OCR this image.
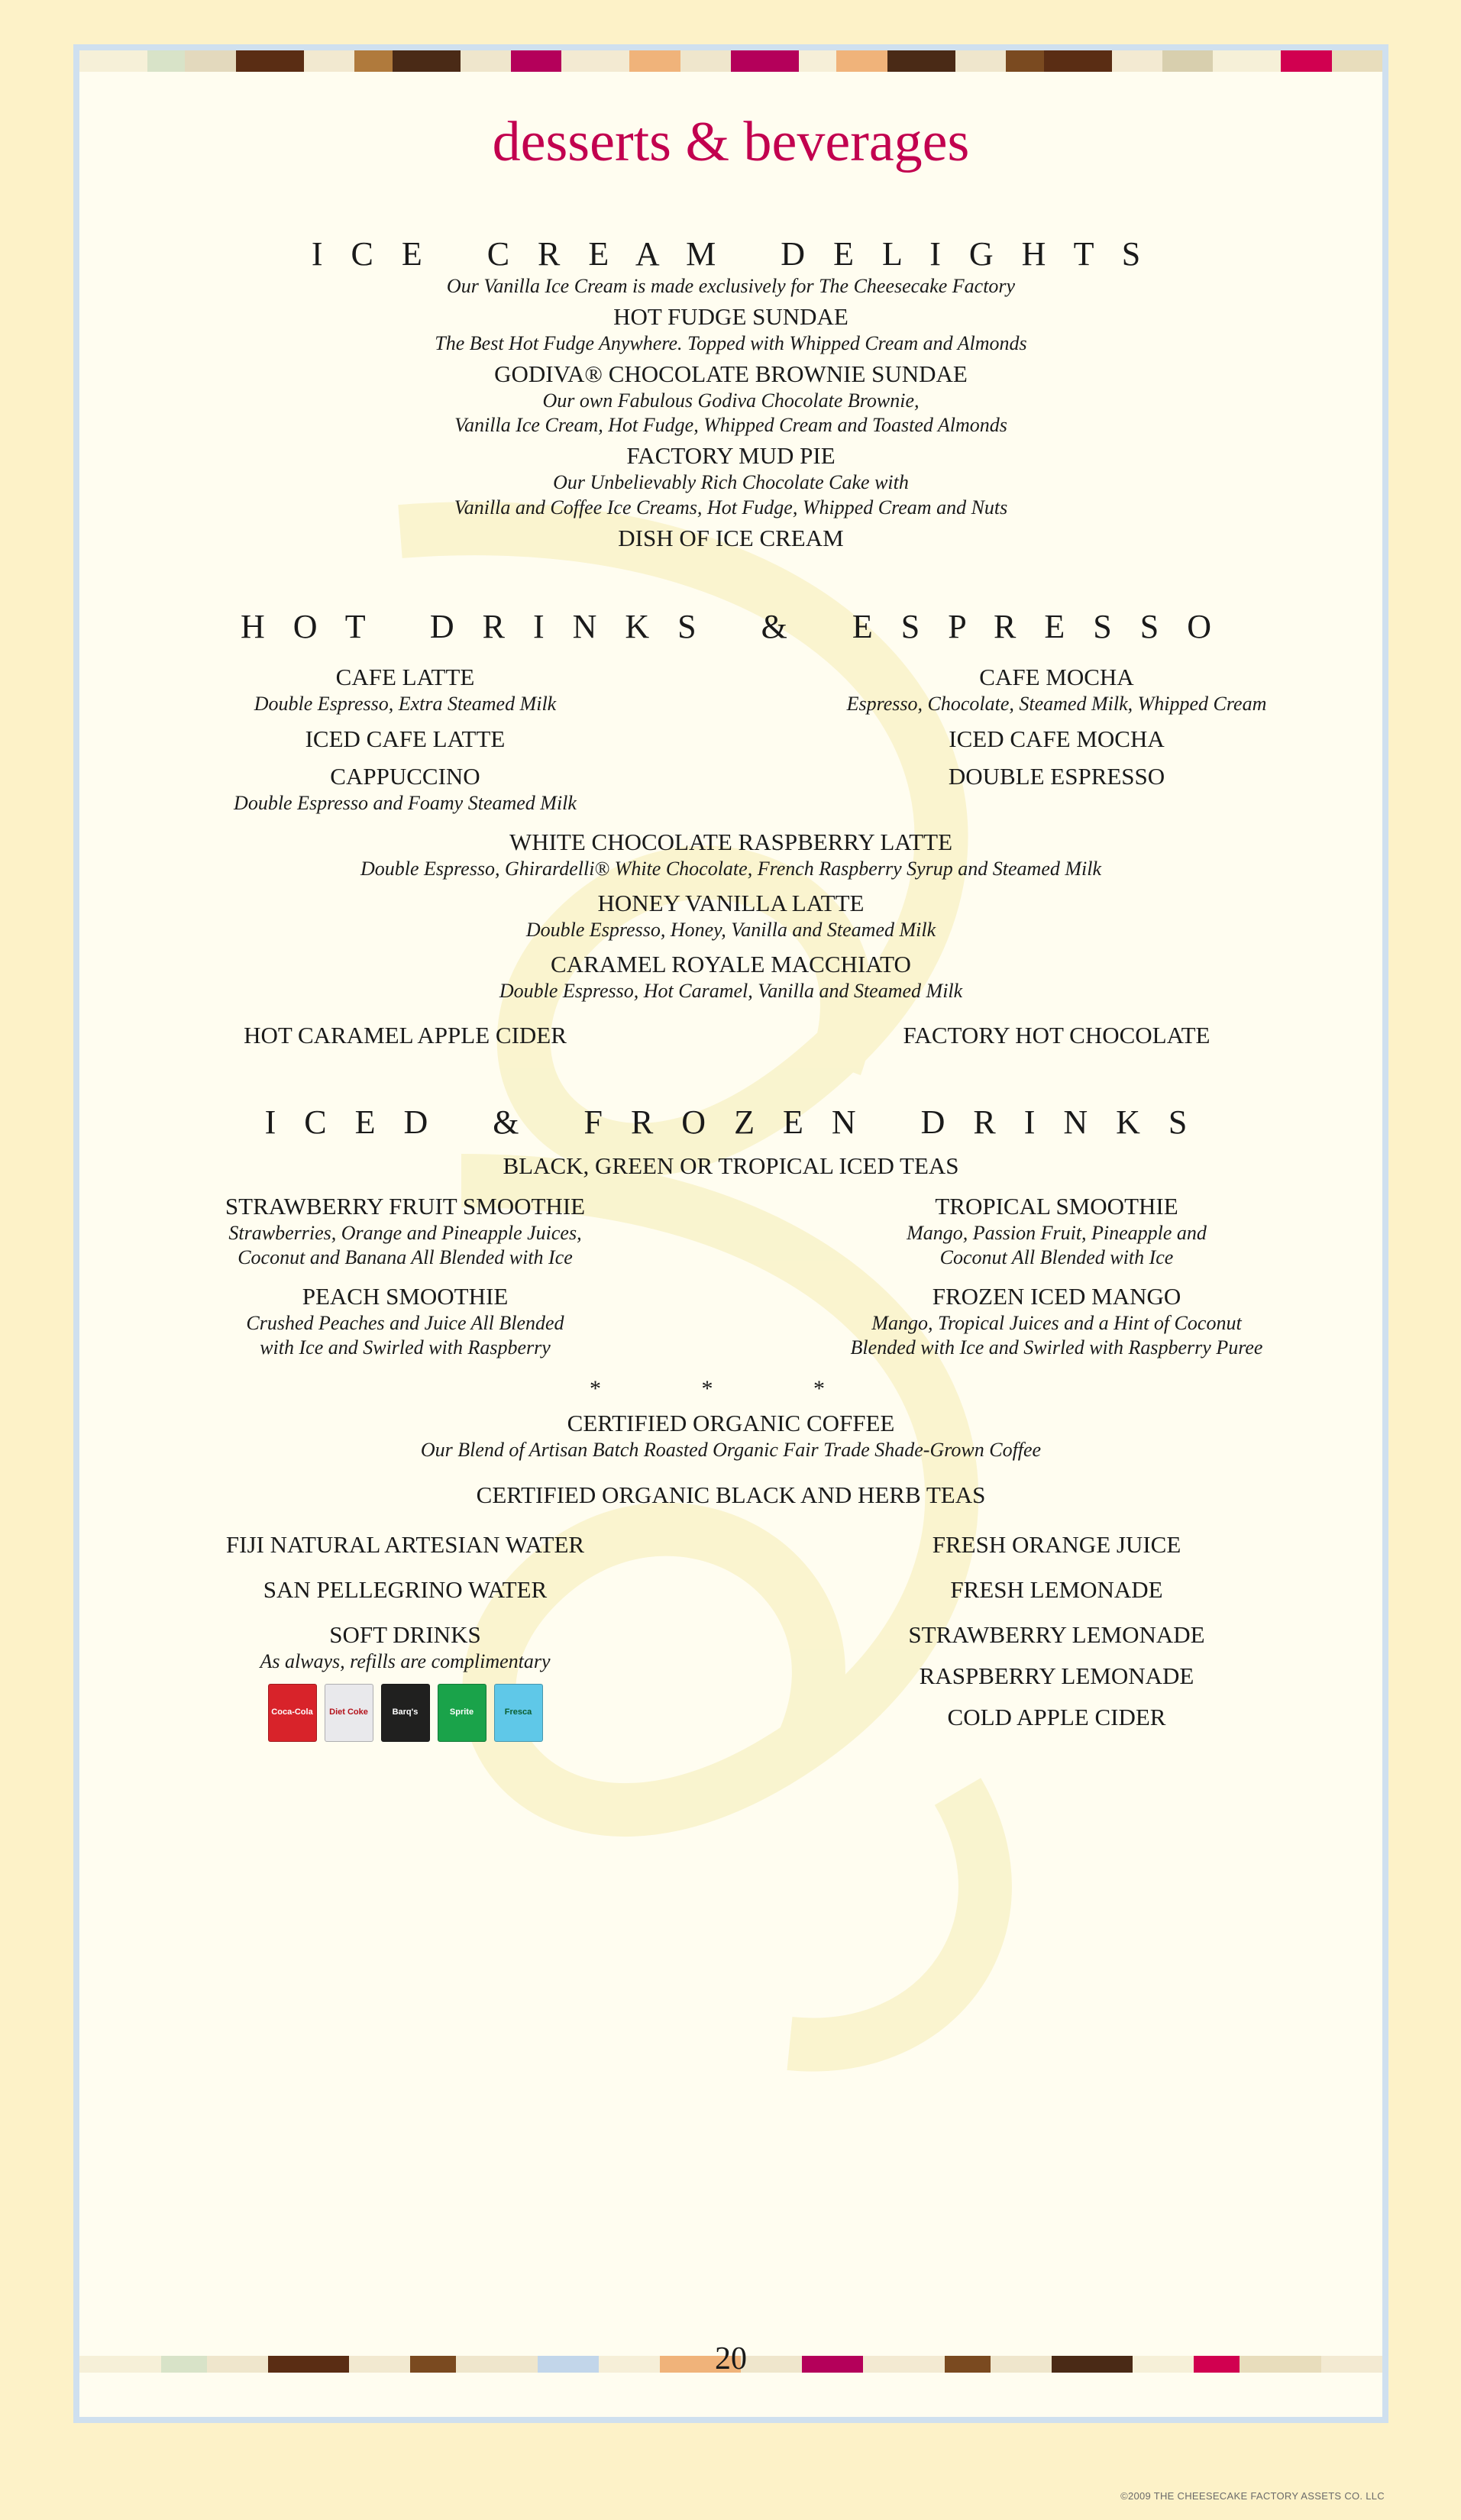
desserts & beverages
I C E   C R E A M   D E L I G H T S
Our Vanilla Ice Cream is made exclusively for The Cheesecake Factory
HOT FUDGE SUNDAE
The Best Hot Fudge Anywhere. Topped with Whipped Cream and Almonds
GODIVA® CHOCOLATE BROWNIE SUNDAE
Our own Fabulous Godiva Chocolate Brownie,
Vanilla Ice Cream, Hot Fudge, Whipped Cream and Toasted Almonds
FACTORY MUD PIE
Our Unbelievably Rich Chocolate Cake with
Vanilla and Coffee Ice Creams, Hot Fudge, Whipped Cream and Nuts
DISH OF ICE CREAM
H O T   D R I N K S   &   E S P R E S S O
CAFE LATTE
Double Espresso, Extra Steamed Milk
CAFE MOCHA
Espresso, Chocolate, Steamed Milk, Whipped Cream
ICED CAFE LATTE	ICED CAFE MOCHA
CAPPUCCINO
Double Espresso and Foamy Steamed Milk
DOUBLE ESPRESSO
WHITE CHOCOLATE RASPBERRY LATTE
Double Espresso, Ghirardelli® White Chocolate, French Raspberry Syrup and Steamed Milk
HONEY VANILLA LATTE
Double Espresso, Honey, Vanilla and Steamed Milk
CARAMEL ROYALE MACCHIATO
Double Espresso, Hot Caramel, Vanilla and Steamed Milk
HOT CARAMEL APPLE CIDER	FACTORY HOT CHOCOLATE
I C E D   &   F R O Z E N   D R I N K S
BLACK, GREEN OR TROPICAL ICED TEAS
STRAWBERRY FRUIT SMOOTHIE
Strawberries, Orange and Pineapple Juices,
Coconut and Banana All Blended with Ice
TROPICAL SMOOTHIE
Mango, Passion Fruit, Pineapple and
Coconut All Blended with Ice
PEACH SMOOTHIE
Crushed Peaches and Juice All Blended
with Ice and Swirled with Raspberry
FROZEN ICED MANGO
Mango, Tropical Juices and a Hint of Coconut
Blended with Ice and Swirled with Raspberry Puree
* * *
CERTIFIED ORGANIC COFFEE
Our Blend of Artisan Batch Roasted Organic Fair Trade Shade-Grown Coffee
CERTIFIED ORGANIC BLACK AND HERB TEAS
FIJI NATURAL ARTESIAN WATER	FRESH ORANGE JUICE
SAN PELLEGRINO WATER	FRESH LEMONADE
SOFT DRINKS
As always, refills are complimentary
Coca-Cola	Diet Coke	Barq's	Sprite	Fresca
STRAWBERRY LEMONADE
RASPBERRY LEMONADE
COLD APPLE CIDER
20
©2009 THE CHEESECAKE FACTORY ASSETS CO. LLC
